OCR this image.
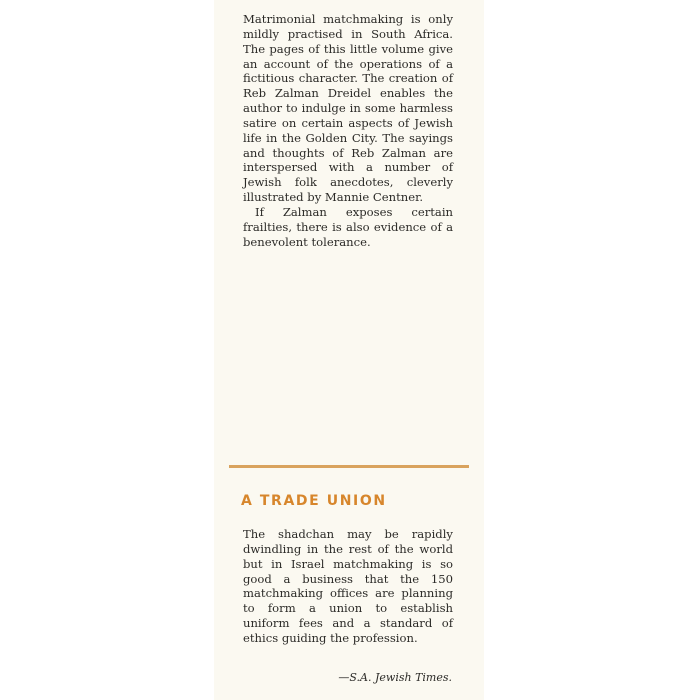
Matrimonial matchmaking is only mildly practised in South Africa. The pages of this little volume give an account of the operations of a fictitious character. The creation of Reb Zalman Dreidel enables the author to indulge in some harmless satire on certain aspects of Jewish life in the Golden City. The sayings and thoughts of Reb Zalman are interspersed with a number of Jewish folk anecdotes, cleverly illustrated by Mannie Centner.

If Zalman exposes certain frailties, there is also evidence of a benevolent tolerance.

A TRADE UNION

The shadchan may be rapidly dwindling in the rest of the world but in Israel matchmaking is so good a business that the 150 matchmaking offices are planning to form a union to establish uniform fees and a standard of ethics guiding the profession.

—S.A. Jewish Times.
